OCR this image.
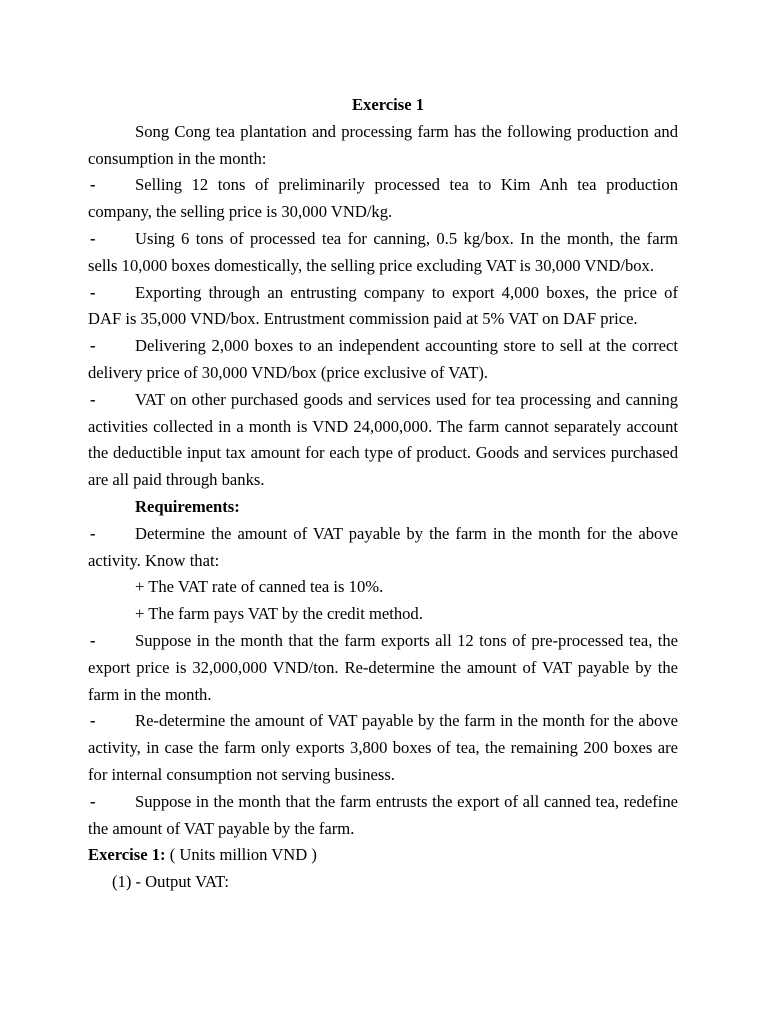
Exercise 1

Song Cong tea plantation and processing farm has the following production and consumption in the month:

- Selling 12 tons of preliminarily processed tea to Kim Anh tea production company, the selling price is 30,000 VND/kg.

- Using 6 tons of processed tea for canning, 0.5 kg/box. In the month, the farm sells 10,000 boxes domestically, the selling price excluding VAT is 30,000 VND/box.

- Exporting through an entrusting company to export 4,000 boxes, the price of DAF is 35,000 VND/box. Entrustment commission paid at 5% VAT on DAF price.

- Delivering 2,000 boxes to an independent accounting store to sell at the correct delivery price of 30,000 VND/box (price exclusive of VAT).

- VAT on other purchased goods and services used for tea processing and canning activities collected in a month is VND 24,000,000. The farm cannot separately account the deductible input tax amount for each type of product. Goods and services purchased are all paid through banks.

Requirements:

- Determine the amount of VAT payable by the farm in the month for the above activity. Know that:

+ The VAT rate of canned tea is 10%.

+ The farm pays VAT by the credit method.

- Suppose in the month that the farm exports all 12 tons of pre-processed tea, the export price is 32,000,000 VND/ton. Re-determine the amount of VAT payable by the farm in the month.

- Re-determine the amount of VAT payable by the farm in the month for the above activity, in case the farm only exports 3,800 boxes of tea, the remaining 200 boxes are for internal consumption not serving business.

- Suppose in the month that the farm entrusts the export of all canned tea, redefine the amount of VAT payable by the farm.

Exercise 1: ( Units million VND )

(1) - Output VAT:
